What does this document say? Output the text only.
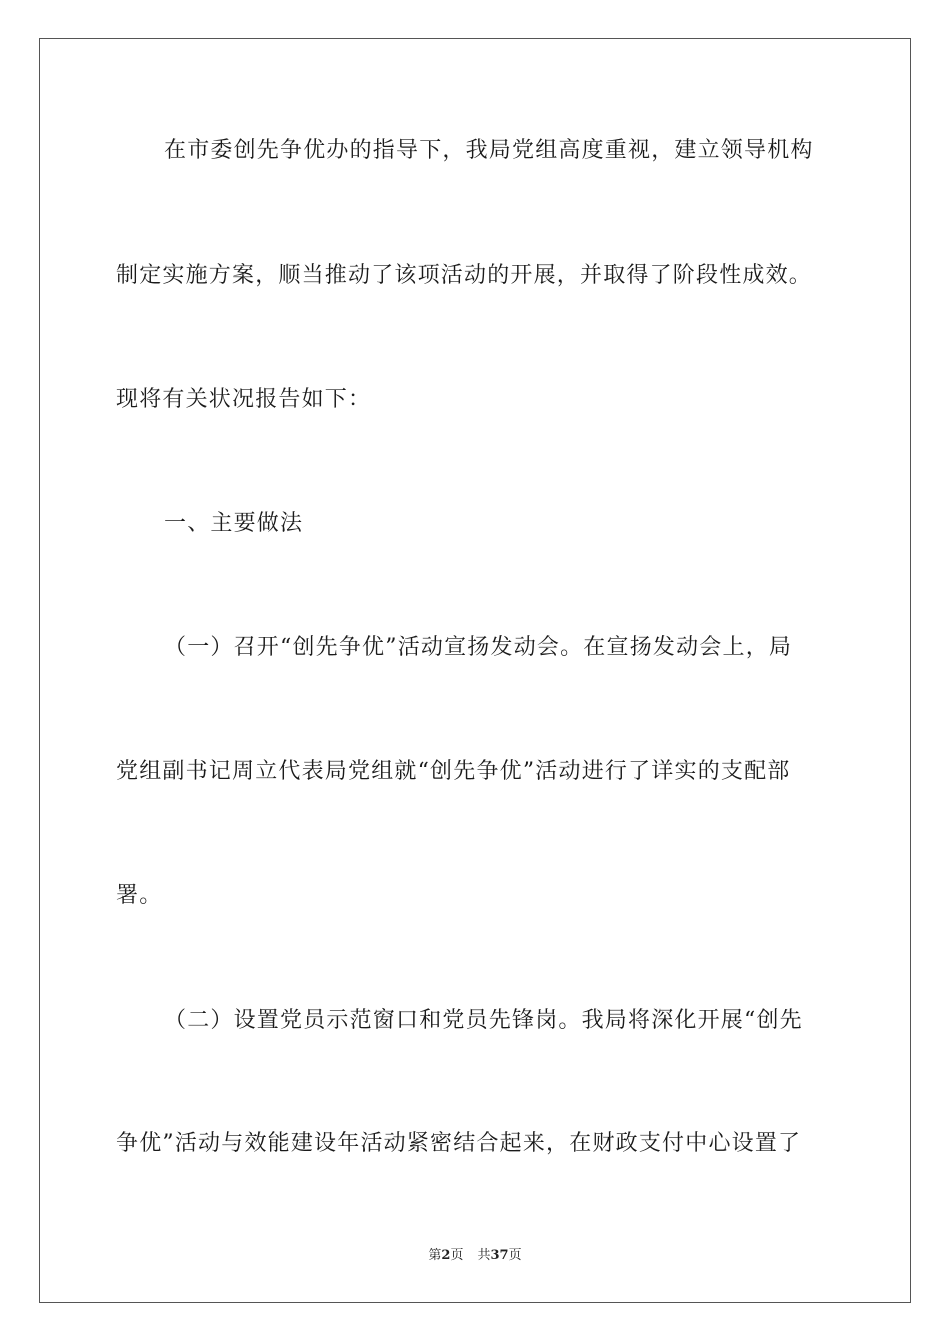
在市委创先争优办的指导下，我局党组高度重视，建立领导机构
制定实施方案，顺当推动了该项活动的开展，并取得了阶段性成效。
现将有关状况报告如下：
一、主要做法
（一）召开“创先争优”活动宣扬发动会。在宣扬发动会上，局
党组副书记周立代表局党组就“创先争优”活动进行了详实的支配部
署。
（二）设置党员示范窗口和党员先锋岗。我局将深化开展“创先
争优”活动与效能建设年活动紧密结合起来，在财政支付中心设置了
第2页 共37页
